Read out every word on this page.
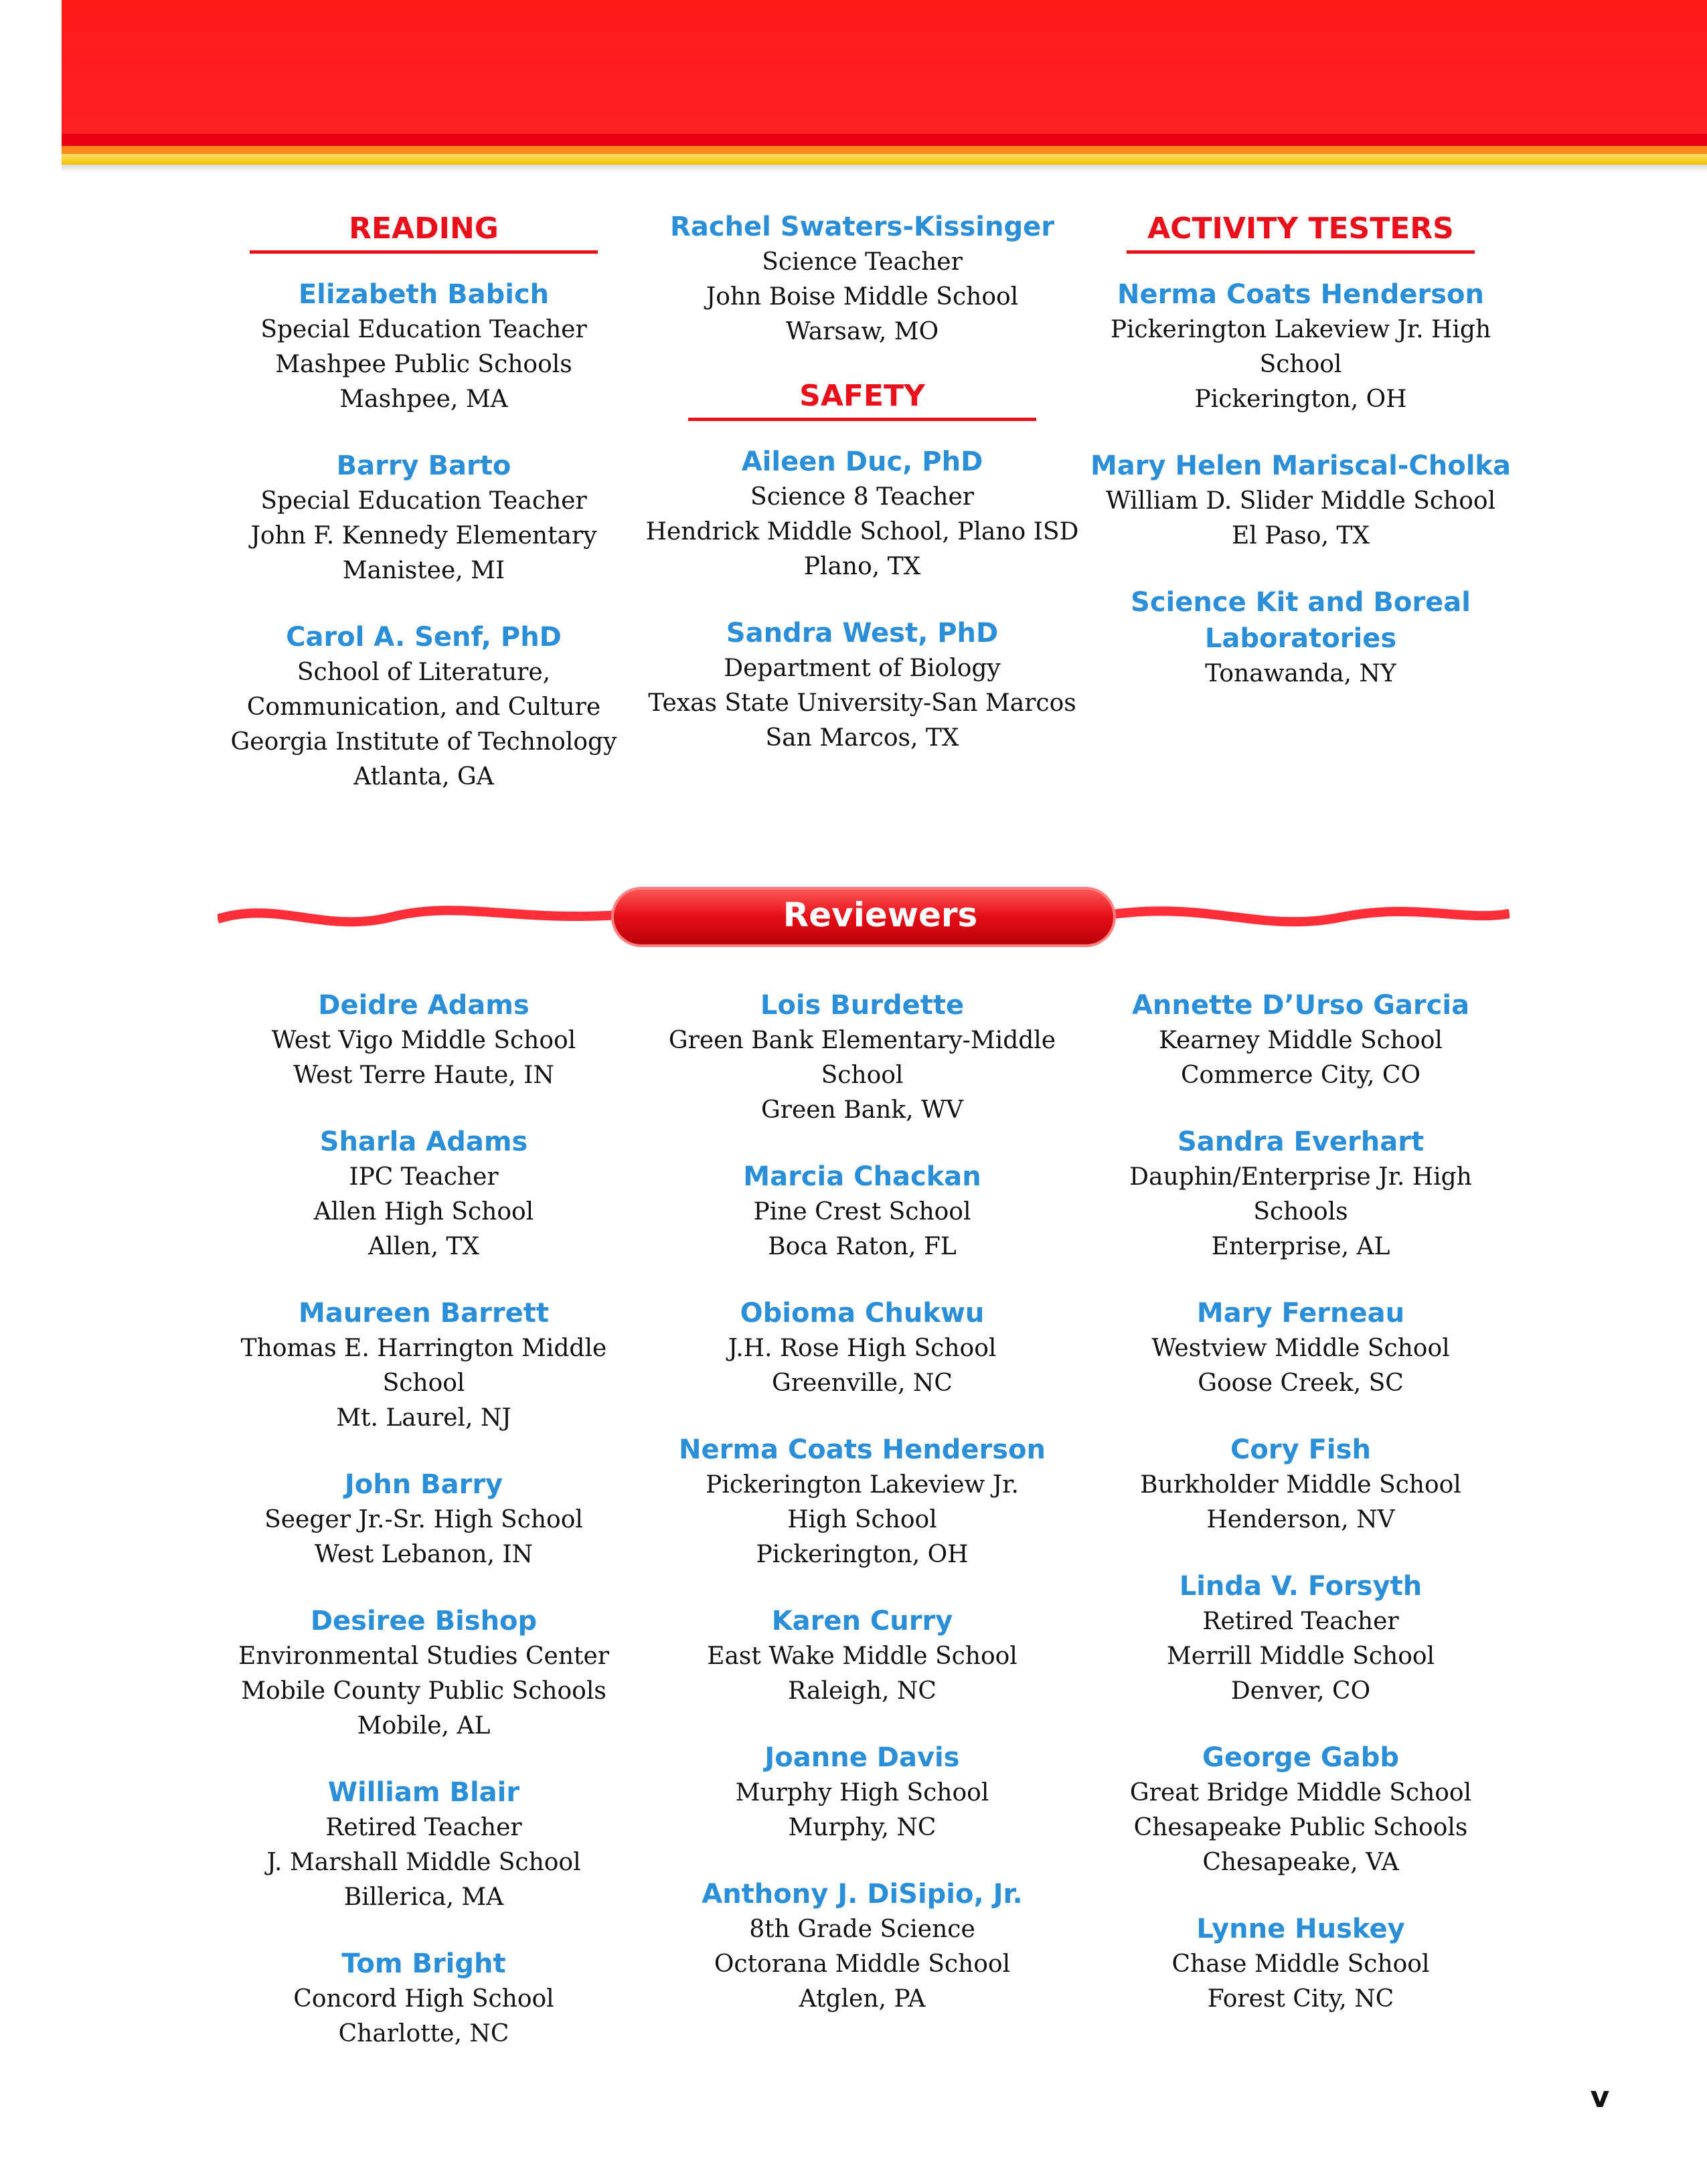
READING
Elizabeth Babich
Special Education Teacher
Mashpee Public Schools
Mashpee, MA
Barry Barto
Special Education Teacher
John F. Kennedy Elementary
Manistee, MI
Carol A. Senf, PhD
School of Literature,
Communication, and Culture
Georgia Institute of Technology
Atlanta, GA
Rachel Swaters-Kissinger
Science Teacher
John Boise Middle School
Warsaw, MO
SAFETY
Aileen Duc, PhD
Science 8 Teacher
Hendrick Middle School, Plano ISD
Plano, TX
Sandra West, PhD
Department of Biology
Texas State University-San Marcos
San Marcos, TX
ACTIVITY TESTERS
Nerma Coats Henderson
Pickerington Lakeview Jr. High
School
Pickerington, OH
Mary Helen Mariscal-Cholka
William D. Slider Middle School
El Paso, TX
Science Kit and Boreal Laboratories
Tonawanda, NY
Reviewers
Deidre Adams
West Vigo Middle School
West Terre Haute, IN
Sharla Adams
IPC Teacher
Allen High School
Allen, TX
Maureen Barrett
Thomas E. Harrington Middle School
Mt. Laurel, NJ
John Barry
Seeger Jr.-Sr. High School
West Lebanon, IN
Desiree Bishop
Environmental Studies Center
Mobile County Public Schools
Mobile, AL
William Blair
Retired Teacher
J. Marshall Middle School
Billerica, MA
Tom Bright
Concord High School
Charlotte, NC
Lois Burdette
Green Bank Elementary-Middle
School
Green Bank, WV
Marcia Chackan
Pine Crest School
Boca Raton, FL
Obioma Chukwu
J.H. Rose High School
Greenville, NC
Nerma Coats Henderson
Pickerington Lakeview Jr.
High School
Pickerington, OH
Karen Curry
East Wake Middle School
Raleigh, NC
Joanne Davis
Murphy High School
Murphy, NC
Anthony J. DiSipio, Jr.
8th Grade Science
Octorana Middle School
Atglen, PA
Annette D’Urso Garcia
Kearney Middle School
Commerce City, CO
Sandra Everhart
Dauphin/Enterprise Jr. High Schools
Enterprise, AL
Mary Ferneau
Westview Middle School
Goose Creek, SC
Cory Fish
Burkholder Middle School
Henderson, NV
Linda V. Forsyth
Retired Teacher
Merrill Middle School
Denver, CO
George Gabb
Great Bridge Middle School
Chesapeake Public Schools
Chesapeake, VA
Lynne Huskey
Chase Middle School
Forest City, NC
v
